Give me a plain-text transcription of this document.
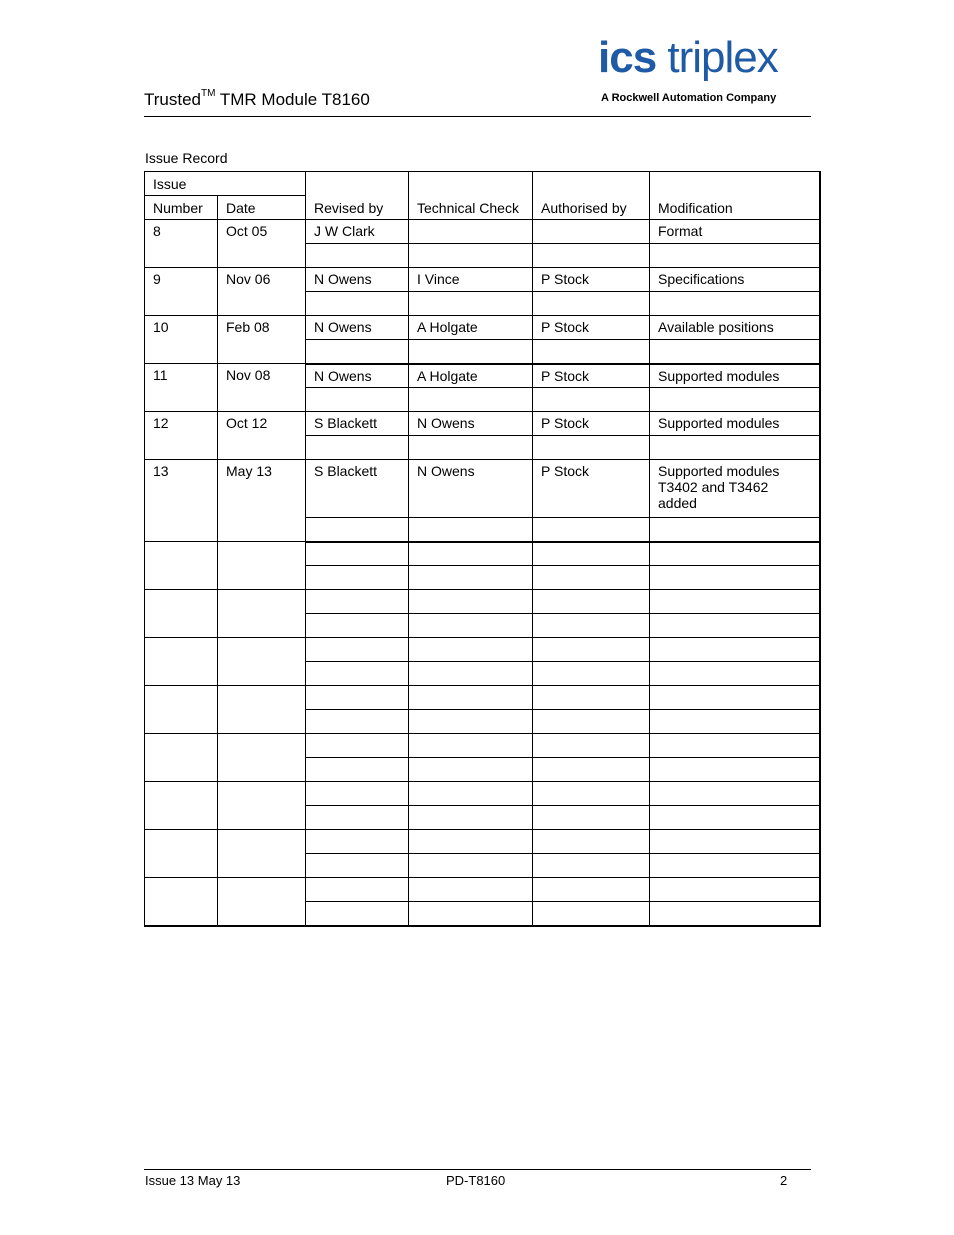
Trusted™ TMR Module T8160
ics triplex
A Rockwell Automation Company
Issue Record
Issue		Revised by	Technical Check	Authorised by	Modification
Number	Date				
8	Oct 05	J W Clark			Format

9	Nov 06	N Owens	I Vince	P Stock	Specifications

10	Feb 08	N Owens	A Holgate	P Stock	Available positions

11	Nov 08	N Owens	A Holgate	P Stock	Supported modules

12	Oct 12	S Blackett	N Owens	P Stock	Supported modules

13	May 13	S Blackett	N Owens	P Stock	Supported modules T3402 and T3462 added

Issue 13 May 13	PD-T8160	2
